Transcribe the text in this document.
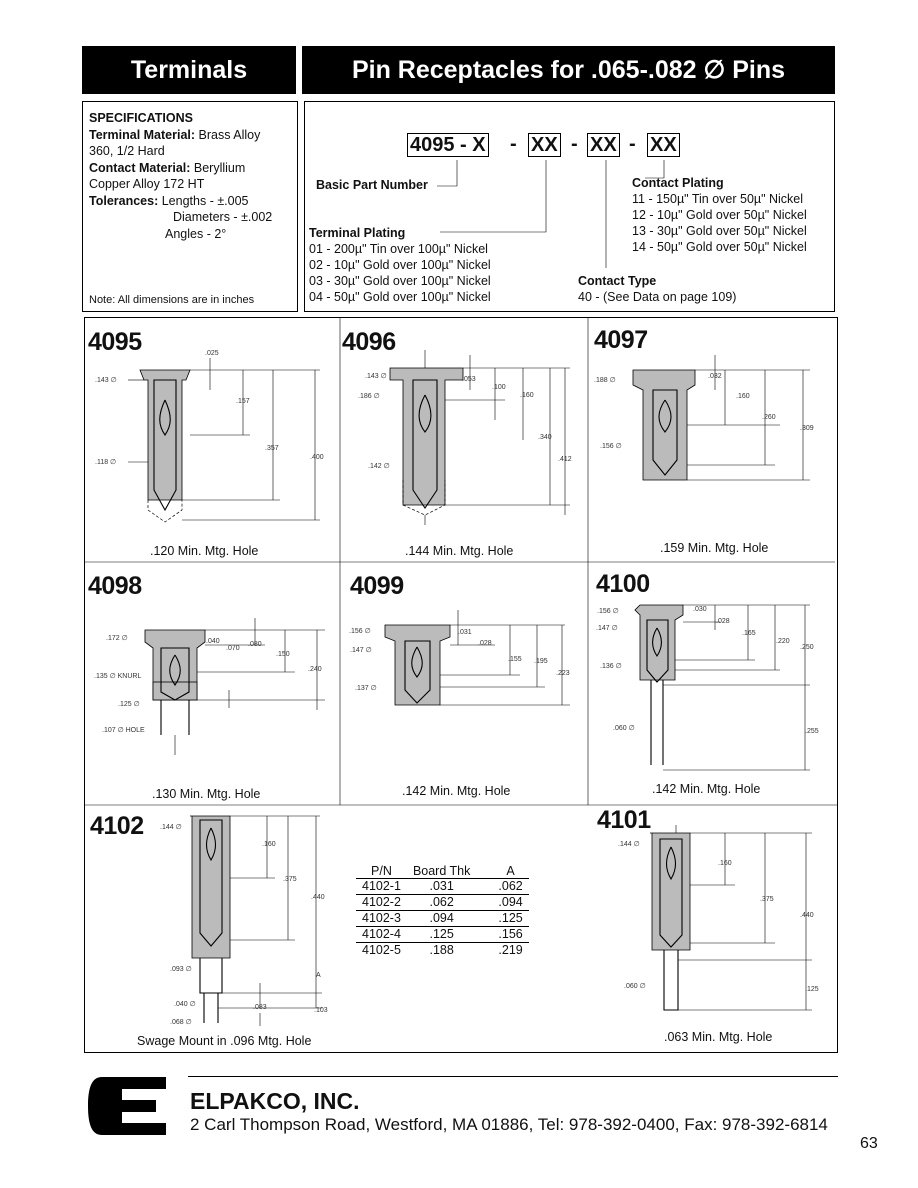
Terminals	Pin Receptacles for .065-.082 ∅ Pins
SPECIFICATIONS
Terminal Material: Brass Alloy
360, 1/2 Hard
Contact Material: Beryllium
Copper Alloy 172 HT
Tolerances: Lengths - ±.005
Diameters - ±.002
Angles - 2°
Note: All dimensions are in inches
4095 - X - XX - XX - XX
Basic Part Number
Terminal Plating
01 - 200µ" Tin over 100µ" Nickel
02 - 10µ" Gold over 100µ" Nickel
03 - 30µ" Gold over 100µ" Nickel
04 - 50µ" Gold over 100µ" Nickel
Contact Plating
11 - 150µ" Tin over 50µ" Nickel
12 - 10µ" Gold over 50µ" Nickel
13 - 30µ" Gold over 50µ" Nickel
14 - 50µ" Gold over 50µ" Nickel
Contact Type
40 - (See Data on page 109)
4095	.025
.143 ∅
.157
.118 ∅
.357
.400
.120 Min. Mtg. Hole
4096
.143 ∅
.186 ∅
.053
.100
.160
.340
.142 ∅
.412
.144 Min. Mtg. Hole
4097
.188 ∅
.032
.160
.260
.309
.156 ∅
.159 Min. Mtg. Hole
4098
.172 ∅	.040
.070
.080
.150
.240
.135 ∅ KNURL
.125 ∅
.107 ∅ HOLE
.130 Min. Mtg. Hole
4099
.156 ∅	.031
.147 ∅
.028
.155 .195
.223
.137 ∅
.142 Min. Mtg. Hole
4100
.156 ∅	.030
.147 ∅
.028
.165
.220
.250
.136 ∅
.060 ∅	.255
.142 Min. Mtg. Hole
4102 .144 ∅
.160
.375
.440
.093 ∅
A
.040 ∅	.083
.068 ∅
.103
Swage Mount in .096 Mtg. Hole
P/N	Board Thk	A
4102-1	.031	.062
4102-2	.062	.094
4102-3	.094	.125
4102-4	.125	.156
4102-5	.188	.219
4101
.144 ∅
.160
.375
.440
.060 ∅	.125
.063 Min. Mtg. Hole
E
ELPAKCO, INC.
2 Carl Thompson Road, Westford, MA 01886, Tel: 978-392-0400, Fax: 978-392-6814
63
